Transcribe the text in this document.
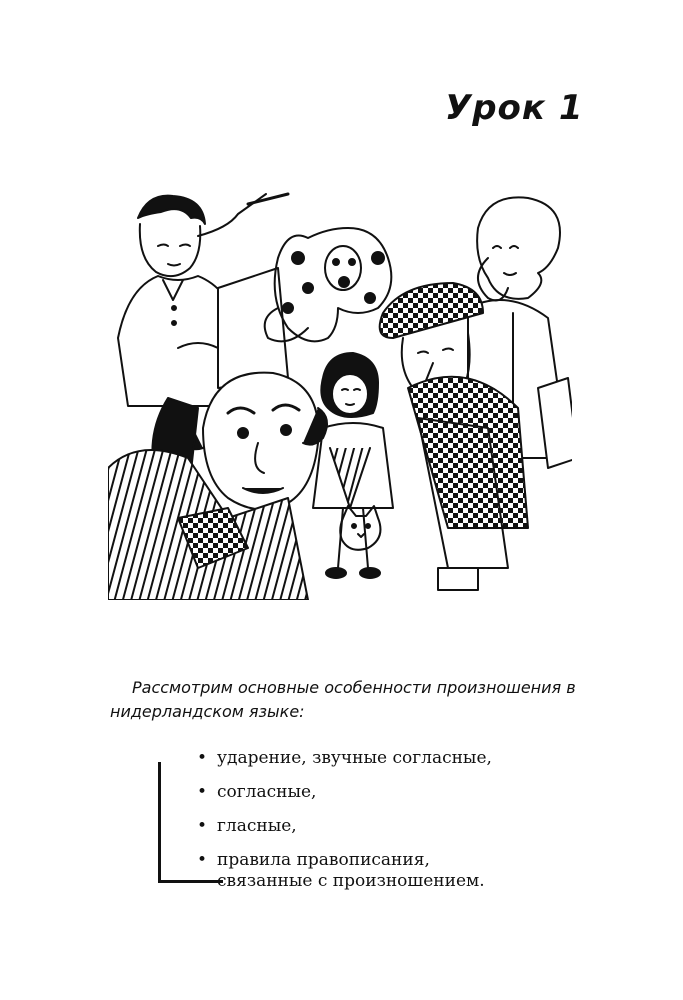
Урок 1

Рассмотрим основные особенности произношения в нидерландском языке:

• ударение, звучные согласные,
• согласные,
• гласные,
• правила правописания,
связанные с произношением.
